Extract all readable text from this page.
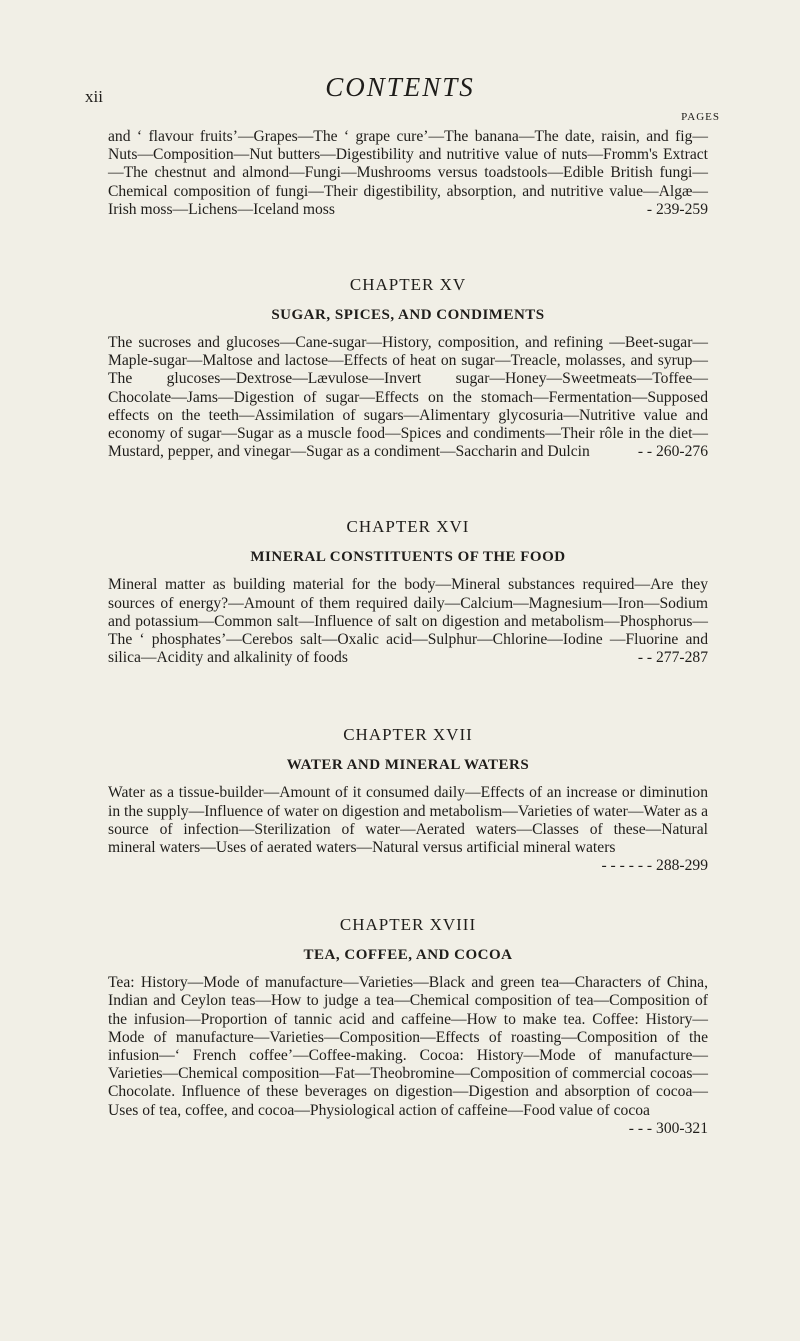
xii	CONTENTS
PAGES

and ‘ flavour fruits’—Grapes—The ‘ grape cure’—The banana—The date, raisin, and fig—Nuts—Composition—Nut butters—Digestibility and nutritive value of nuts—Fromm's Extract—The chestnut and almond—Fungi—Mushrooms versus toadstools—Edible British fungi—Chemical composition of fungi—Their digestibility, absorption, and nutritive value—Algæ—Irish moss—Lichens—Iceland moss	- 239-259

CHAPTER XV
SUGAR, SPICES, AND CONDIMENTS

The sucroses and glucoses—Cane-sugar—History, composition, and refining —Beet-sugar—Maple-sugar—Maltose and lactose—Effects of heat on sugar—Treacle, molasses, and syrup—The glucoses—Dextrose—Lævulose—Invert sugar—Honey—Sweetmeats—Toffee—Chocolate—Jams—Digestion of sugar—Effects on the stomach—Fermentation—Supposed effects on the teeth—Assimilation of sugars—Alimentary glycosuria—Nutritive value and economy of sugar—Sugar as a muscle food—Spices and condiments—Their rôle in the diet—Mustard, pepper, and vinegar—Sugar as a condiment—Saccharin and Dulcin	- - 260-276

CHAPTER XVI
MINERAL CONSTITUENTS OF THE FOOD

Mineral matter as building material for the body—Mineral substances required—Are they sources of energy?—Amount of them required daily—Calcium—Magnesium—Iron—Sodium and potassium—Common salt—Influence of salt on digestion and metabolism—Phosphorus—The ‘ phosphates’—Cerebos salt—Oxalic acid—Sulphur—Chlorine—Iodine —Fluorine and silica—Acidity and alkalinity of foods	- - 277-287

CHAPTER XVII
WATER AND MINERAL WATERS

Water as a tissue-builder—Amount of it consumed daily—Effects of an increase or diminution in the supply—Influence of water on digestion and metabolism—Varieties of water—Water as a source of infection—Sterilization of water—Aerated waters—Classes of these—Natural mineral waters—Uses of aerated waters—Natural versus artificial mineral waters
- - - - - - 288-299

CHAPTER XVIII
TEA, COFFEE, AND COCOA

Tea: History—Mode of manufacture—Varieties—Black and green tea—Characters of China, Indian and Ceylon teas—How to judge a tea—Chemical composition of tea—Composition of the infusion—Proportion of tannic acid and caffeine—How to make tea. Coffee: History—Mode of manufacture—Varieties—Composition—Effects of roasting—Composition of the infusion—‘ French coffee’—Coffee-making. Cocoa: History—Mode of manufacture—Varieties—Chemical composition—Fat—Theobromine—Composition of commercial cocoas—Chocolate. Influence of these beverages on digestion—Digestion and absorption of cocoa—Uses of tea, coffee, and cocoa—Physiological action of caffeine—Food value of cocoa
- - - 300-321
